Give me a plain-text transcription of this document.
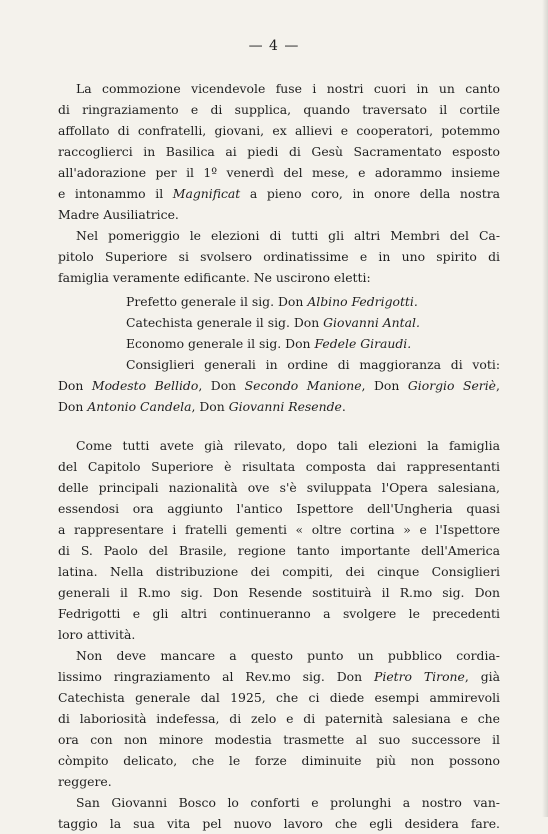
— 4 —
La commozione vicendevole fuse i nostri cuori in un canto
di ringraziamento e di supplica, quando traversato il cortile
affollato di confratelli, giovani, ex allievi e cooperatori, potemmo
raccoglierci in Basilica ai piedi di Gesù Sacramentato esposto
all'adorazione per il 1º venerdì del mese, e adorammo insieme
e intonammo il Magnificat a pieno coro, in onore della nostra
Madre Ausiliatrice.
Nel pomeriggio le elezioni di tutti gli altri Membri del Ca-
pitolo Superiore si svolsero ordinatissime e in uno spirito di
famiglia veramente edificante. Ne uscirono eletti:
Prefetto generale il sig. Don Albino Fedrigotti.
Catechista generale il sig. Don Giovanni Antal.
Economo generale il sig. Don Fedele Giraudi.
Consiglieri generali in ordine di maggioranza di voti:
Don Modesto Bellido, Don Secondo Manione, Don Giorgio Seriè,
Don Antonio Candela, Don Giovanni Resende.
Come tutti avete già rilevato, dopo tali elezioni la famiglia
del Capitolo Superiore è risultata composta dai rappresentanti
delle principali nazionalità ove s'è sviluppata l'Opera salesiana,
essendosi ora aggiunto l'antico Ispettore dell'Ungheria quasi
a rappresentare i fratelli gementi « oltre cortina » e l'Ispettore
di S. Paolo del Brasile, regione tanto importante dell'America
latina. Nella distribuzione dei compiti, dei cinque Consiglieri
generali il R.mo sig. Don Resende sostituirà il R.mo sig. Don
Fedrigotti e gli altri continueranno a svolgere le precedenti
loro attività.
Non deve mancare a questo punto un pubblico cordia-
lissimo ringraziamento al Rev.mo sig. Don Pietro Tirone, già
Catechista generale dal 1925, che ci diede esempi ammirevoli
di laboriosità indefessa, di zelo e di paternità salesiana e che
ora con non minore modestia trasmette al suo successore il
còmpito delicato, che le forze diminuite più non possono
reggere.
San Giovanni Bosco lo conforti e prolunghi a nostro van-
taggio la sua vita pel nuovo lavoro che egli desidera fare.
